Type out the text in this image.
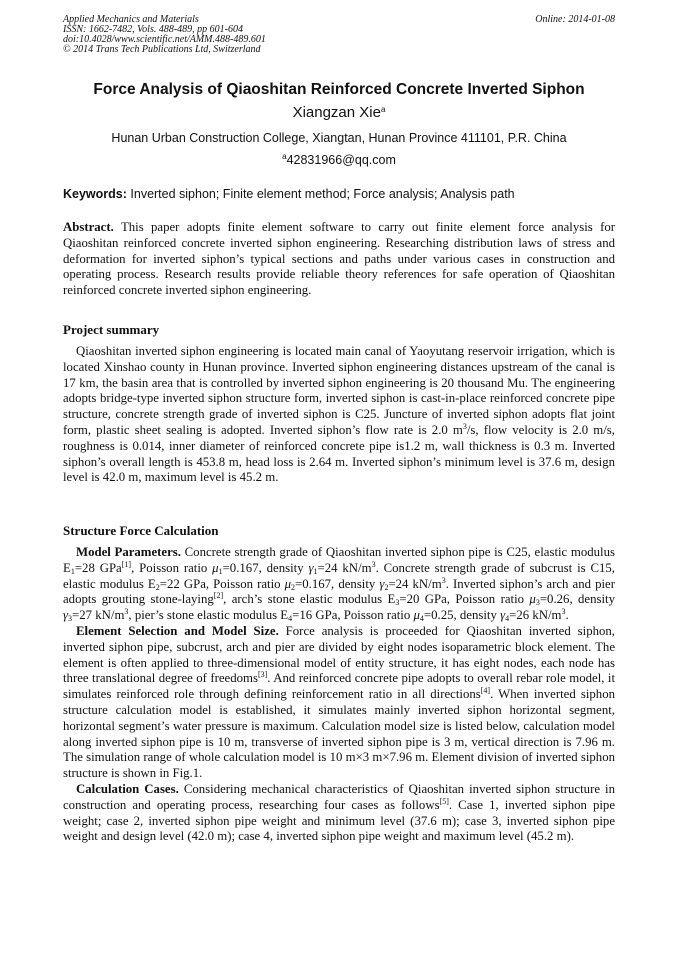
Applied Mechanics and Materials
ISSN: 1662-7482, Vols. 488-489, pp 601-604
doi:10.4028/www.scientific.net/AMM.488-489.601
© 2014 Trans Tech Publications Ltd, Switzerland
Online: 2014-01-08
Force Analysis of Qiaoshitan Reinforced Concrete Inverted Siphon
Xiangzan Xie$^a$
Hunan Urban Construction College, Xiangtan, Hunan Province 411101, P.R. China
$^a$42831966@qq.com
Keywords: Inverted siphon; Finite element method; Force analysis; Analysis path

Abstract. This paper adopts finite element software to carry out finite element force analysis for Qiaoshitan reinforced concrete inverted siphon engineering. Researching distribution laws of stress and deformation for inverted siphon’s typical sections and paths under various cases in construction and operating process. Research results provide reliable theory references for safe operation of Qiaoshitan reinforced concrete inverted siphon engineering.

Project summary

Qiaoshitan inverted siphon engineering is located main canal of Yaoyutang reservoir irrigation, which is located Xinshao county in Hunan province. Inverted siphon engineering distances upstream of the canal is 17 km, the basin area that is controlled by inverted siphon engineering is 20 thousand Mu. The engineering adopts bridge-type inverted siphon structure form, inverted siphon is cast-in-place reinforced concrete pipe structure, concrete strength grade of inverted siphon is C25. Juncture of inverted siphon adopts flat joint form, plastic sheet sealing is adopted. Inverted siphon’s flow rate is 2.0 $m^3/s$, flow velocity is 2.0 m/s, roughness is 0.014, inner diameter of reinforced concrete pipe is1.2 m, wall thickness is 0.3 m. Inverted siphon’s overall length is 453.8 m, head loss is 2.64 m. Inverted siphon’s minimum level is 37.6 m, design level is 42.0 m, maximum level is 45.2 m.

Structure Force Calculation

Model Parameters. Concrete strength grade of Qiaoshitan inverted siphon pipe is C25, elastic modulus $E_1=28$ GPa[1], Poisson ratio $\mu_1=0.167$, density $\gamma_1=24$ $kN/m^3$. Concrete strength grade of subcrust is C15, elastic modulus $E_2=22$ GPa, Poisson ratio $\mu_2=0.167$, density $\gamma_2=24$ $kN/m^3$. Inverted siphon’s arch and pier adopts grouting stone-laying[2], arch’s stone elastic modulus $E_3=20$ GPa, Poisson ratio $\mu_3=0.26$, density $\gamma_3=27$ $kN/m^3$, pier’s stone elastic modulus $E_4=16$ GPa, Poisson ratio $\mu_4=0.25$, density $\gamma_4=26$ $kN/m^3$.

Element Selection and Model Size. Force analysis is proceeded for Qiaoshitan inverted siphon, inverted siphon pipe, subcrust, arch and pier are divided by eight nodes isoparametric block element. The element is often applied to three-dimensional model of entity structure, it has eight nodes, each node has three translational degree of freedoms[3]. And reinforced concrete pipe adopts to overall rebar role model, it simulates reinforced role through defining reinforcement ratio in all directions[4]. When inverted siphon structure calculation model is established, it simulates mainly inverted siphon horizontal segment, horizontal segment’s water pressure is maximum. Calculation model size is listed below, calculation model along inverted siphon pipe is 10 m, transverse of inverted siphon pipe is 3 m, vertical direction is 7.96 m. The simulation range of whole calculation model is 10 m×3 m×7.96 m. Element division of inverted siphon structure is shown in Fig.1.

Calculation Cases. Considering mechanical characteristics of Qiaoshitan inverted siphon structure in construction and operating process, researching four cases as follows[5]. Case 1, inverted siphon pipe weight; case 2, inverted siphon pipe weight and minimum level (37.6 m); case 3, inverted siphon pipe weight and design level (42.0 m); case 4, inverted siphon pipe weight and maximum level (45.2 m).
